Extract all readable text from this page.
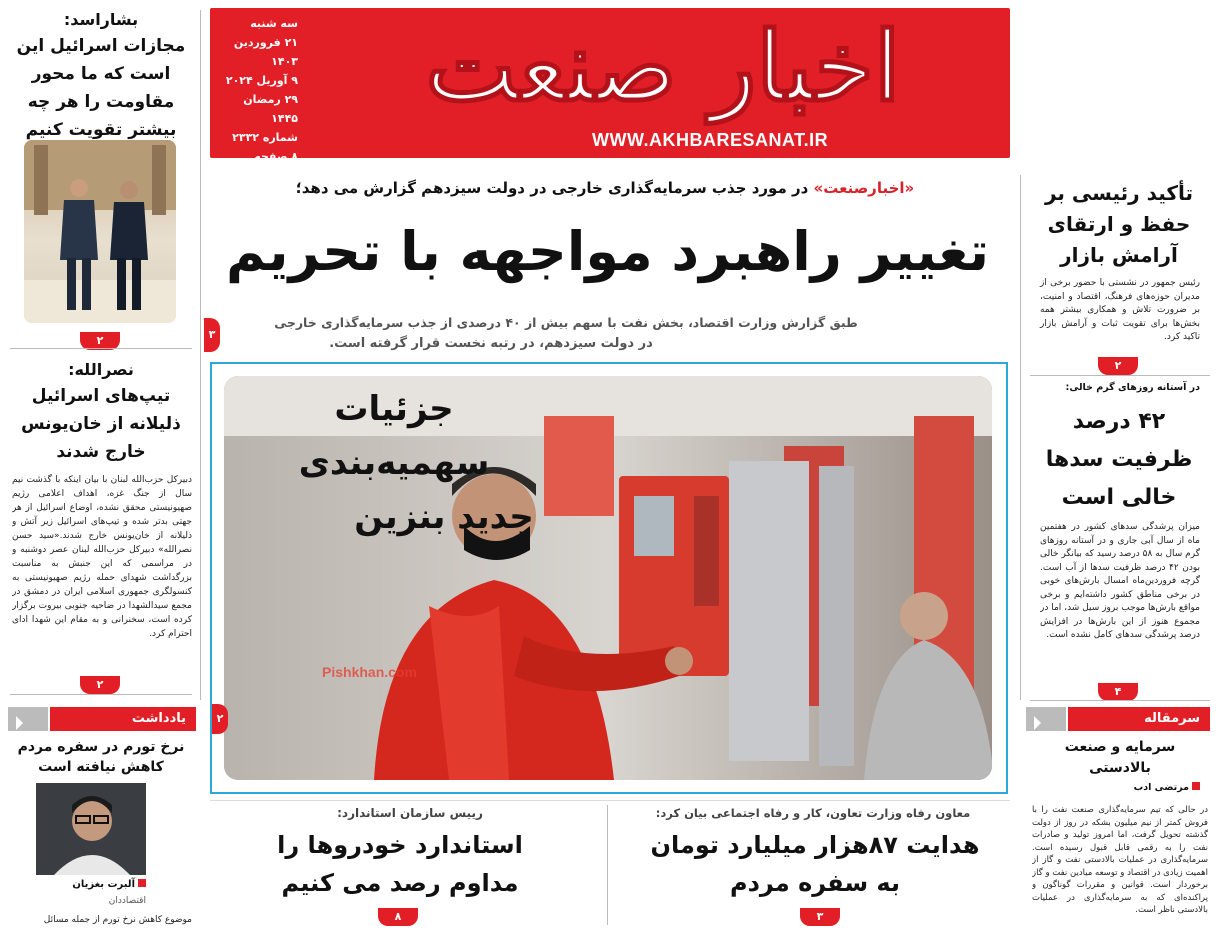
سه شنبه
۲۱ فروردین ۱۴۰۳
۹ آوریل ۲۰۲۴
۲۹ رمضان ۱۴۴۵
شماره ۲۳۳۲
۸ صفحه
۵۰۰۰ تومان
اخبار صنعت
WWW.AKHBARESANAT.IR
بشاراسد:
مجازات اسرائیل این است که ما محور مقاومت را هر چه بیشتر تقویت کنیم
۲
نصرالله:
تیپ‌های اسرائیل ذلیلانه از خان‌یونس خارج شدند
دبیرکل حزب‌الله لبنان با بیان اینکه با گذشت نیم سال از جنگ غزه، اهداف اعلامی رژیم صهیونیستی محقق نشده، اوضاع اسرائیل از هر جهتی بدتر شده و تیپ‌های اسرائیل زیر آتش و ذلیلانه از خان‌یونس خارج شدند.«سید حسن نصرالله» دبیرکل حزب‌الله لبنان عصر دوشنبه و در مراسمی که این جنبش به مناسبت بزرگداشت شهدای حمله رژیم صهیونیستی به کنسولگری جمهوری اسلامی ایران در دمشق در مجمع سیدالشهدا در ضاحیه جنوبی بیروت برگزار کرده است، سخنرانی و به مقام این شهدا ادای احترام کرد.
۲
یادداشت
نرخ تورم در سفره مردم کاهش نیافته است
آلبرت بغزیان
اقتصاددان
موضوع کاهش نرخ تورم از جمله مسائل
تأکید رئیسی بر حفظ و ارتقای آرامش بازار
رئیس جمهور در نشستی با حضور برخی از مدیران حوزه‌های فرهنگ، اقتصاد و امنیت، بر ضرورت تلاش و همکاری بیشتر همه بخش‌ها برای تقویت ثبات و آرامش بازار تاکید کرد.
۲
در آستانه روزهای گرم خالی:
۴۲ درصد ظرفیت سدها خالی است
میزان پرشدگی سدهای کشور در هفتمین ماه از سال آبی جاری و در آستانه روزهای گرم سال به ۵۸ درصد رسید که بیانگر خالی بودن ۴۲ درصد ظرفیت سدها از آب است. گرچه فروردین‌ماه امسال بارش‌های خوبی در برخی مناطق کشور داشته‌ایم و برخی مواقع بارش‌ها موجب بروز سیل شد، اما در مجموع هنوز از این بارش‌ها در افزایش درصد پرشدگی سدهای کامل نشده است.
۴
سرمقاله
سرمایه و صنعت بالادستی
مرتضی ادب
در حالی که تیم سرمایه‌گذاری صنعت نفت را با فروش کمتر از نیم میلیون بشکه در روز از دولت گذشته تحویل گرفت، اما امروز تولید و صادرات نفت را به رقمی قابل قبول رسیده است. سرمایه‌گذاری در عملیات بالادستی نفت و گاز از اهمیت زیادی در اقتصاد و توسعه میادین نفت و گاز برخوردار است. قوانین و مقررات گوناگون و پراکنده‌ای که به سرمایه‌گذاری در عملیات بالادستی ناظر است.
«اخبارصنعت» در مورد جذب سرمایه‌گذاری خارجی در دولت سیزدهم گزارش می دهد؛
تغییر راهبرد مواجهه با تحریم
۳
طبق گزارش وزارت اقتصاد، بخش نفت با سهم بیش از ۴۰ درصدی از جذب سرمایه‌گذاری خارجی
در دولت سیزدهم، در رتبه نخست قرار گرفته است.
جزئیات سهمیه‌بندی
جدید بنزین
Pishkhan.com
۲
رییس سازمان استاندارد:
استاندارد خودروها را مداوم رصد می کنیم
۸
معاون رفاه وزارت تعاون، کار و رفاه اجتماعی بیان کرد:
هدایت ۸۷هزار میلیارد تومان به سفره مردم
۳
